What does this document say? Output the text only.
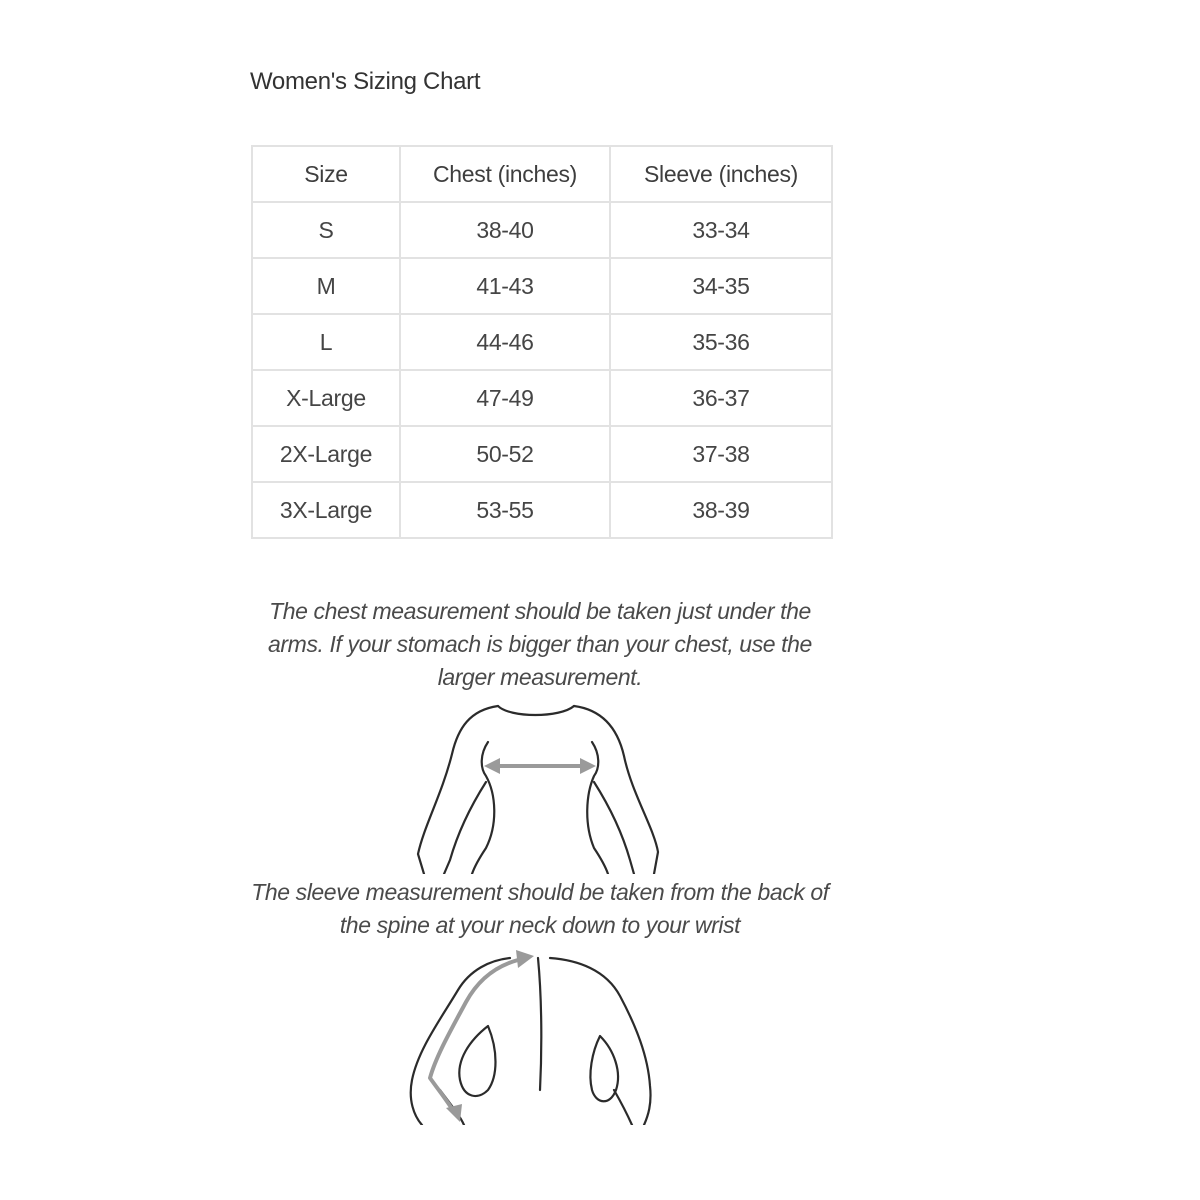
Women's Sizing Chart
Size	Chest (inches)	Sleeve (inches)
S	38-40	33-34
M	41-43	34-35
L	44-46	35-36
X-Large	47-49	36-37
2X-Large	50-52	37-38
3X-Large	53-55	38-39
The chest measurement should be taken just under the arms. If your stomach is bigger than your chest, use the larger measurement.
The sleeve measurement should be taken from the back of the spine at your neck down to your wrist
